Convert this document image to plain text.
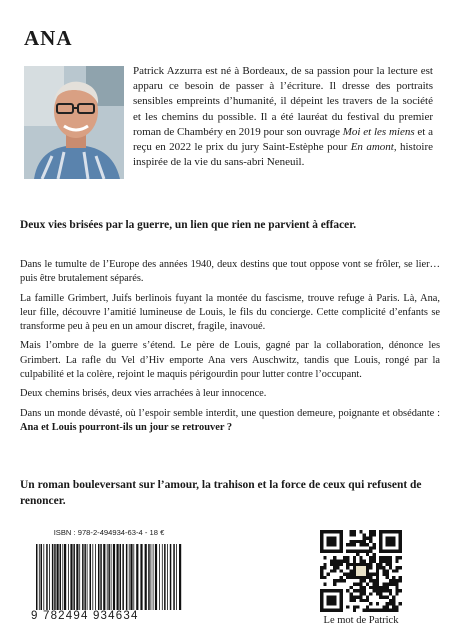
ANA

Patrick Azzurra est né à Bordeaux, de sa passion pour la lecture est apparu ce besoin de passer à l’écriture. Il dresse des portraits sensibles empreints d’humanité, il dépeint les travers de la société et les chemins du possible. Il a été lauréat du festival du premier roman de Chambéry en 2019 pour son ouvrage Moi et les miens et a reçu en 2022 le prix du jury Saint-Estèphe pour En amont, histoire inspirée de la vie du sans-abri Neneuil.

Deux vies brisées par la guerre, un lien que rien ne parvient à effacer.

Dans le tumulte de l’Europe des années 1940, deux destins que tout oppose vont se frôler, se lier… puis être brutalement séparés.

La famille Grimbert, Juifs berlinois fuyant la montée du fascisme, trouve refuge à Paris. Là, Ana, leur fille, découvre l’amitié lumineuse de Louis, le fils du concierge. Cette complicité d’enfants se transforme peu à peu en un amour discret, fragile, inavoué.

Mais l’ombre de la guerre s’étend. Le père de Louis, gagné par la collaboration, dénonce les Grimbert. La rafle du Vel d’Hiv emporte Ana vers Auschwitz, tandis que Louis, rongé par la culpabilité et la colère, rejoint le maquis périgourdin pour lutter contre l’occupant.

Deux chemins brisés, deux vies arrachées à leur innocence.

Dans un monde dévasté, où l’espoir semble interdit, une question demeure, poignante et obsédante : Ana et Louis pourront-ils un jour se retrouver ?

Un roman bouleversant sur l’amour, la trahison et la force de ceux qui refusent de renoncer.

ISBN : 978-2-494934-63-4 - 18 €

9 782494 934634	Le mot de Patrick
